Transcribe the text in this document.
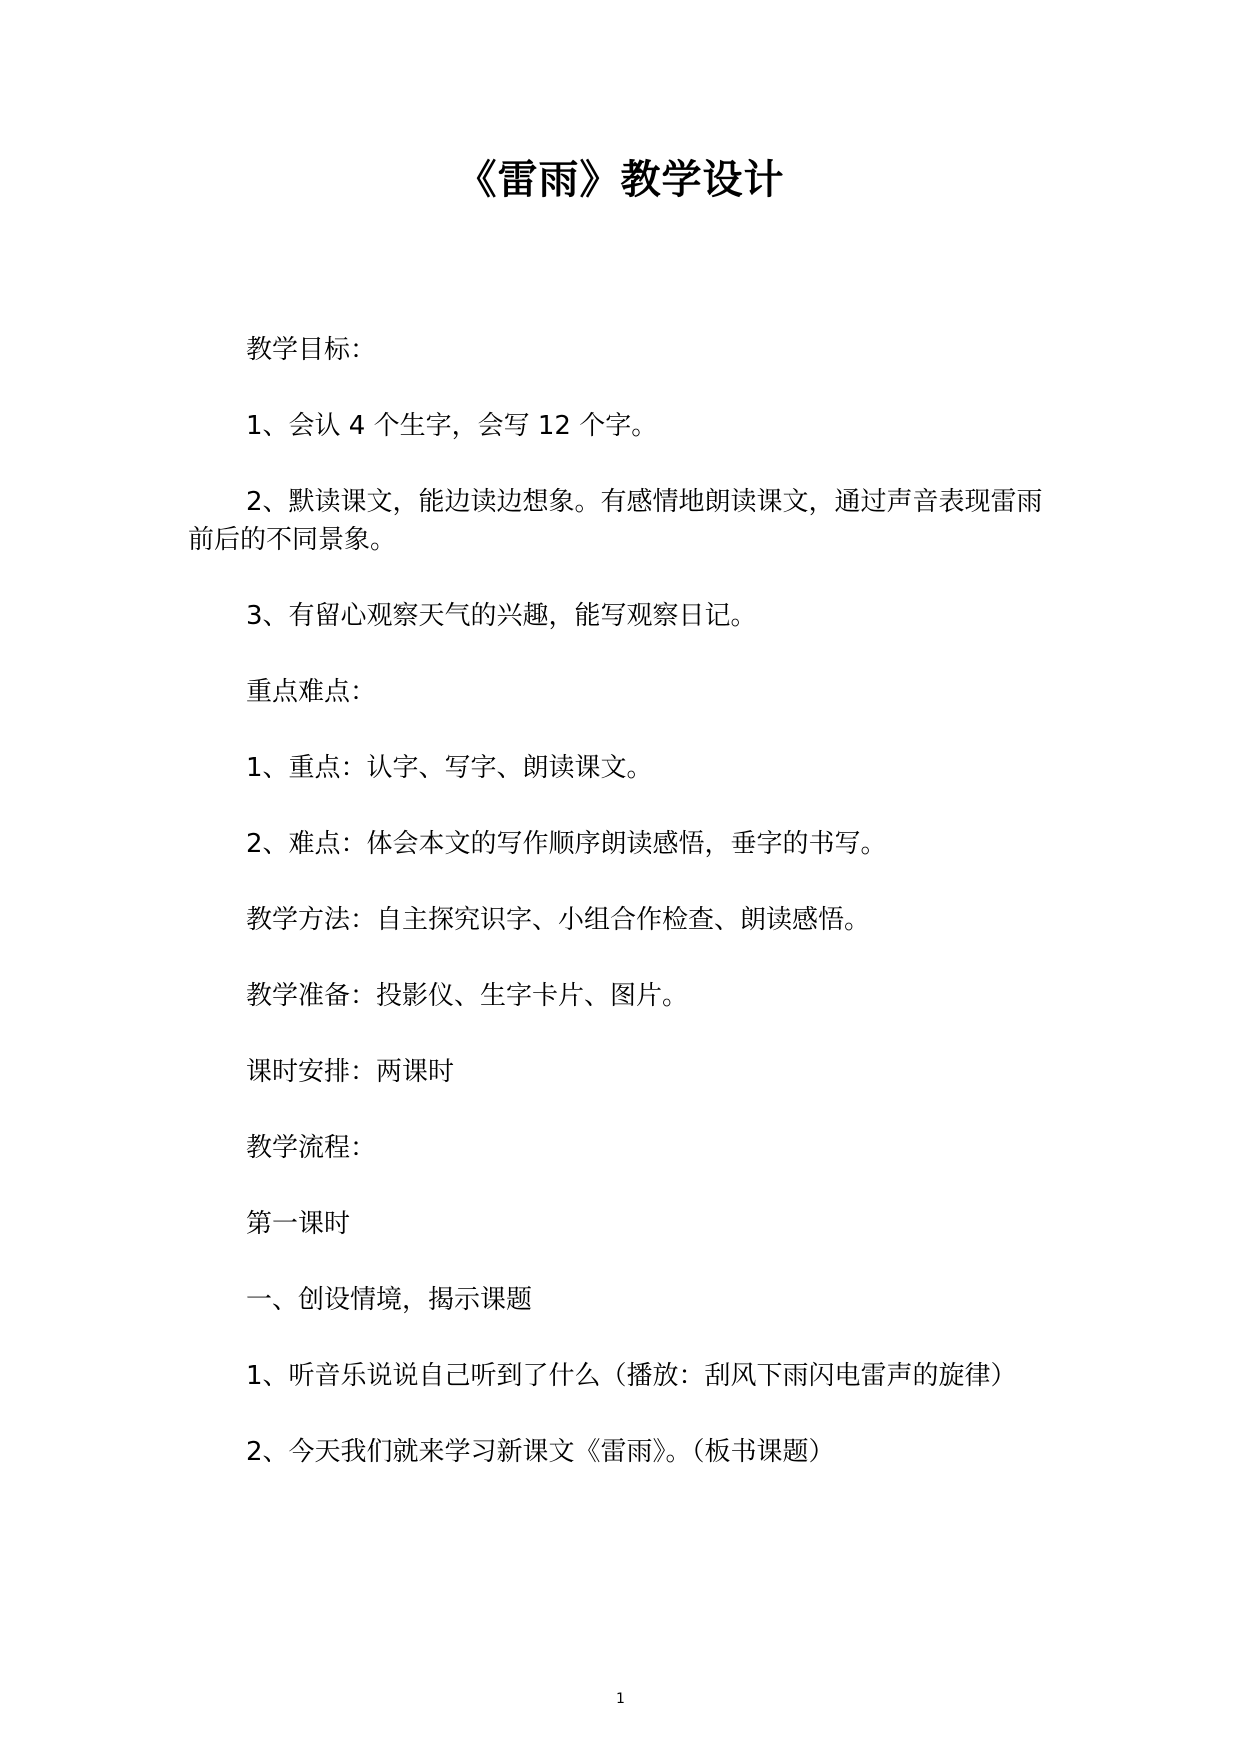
《雷雨》教学设计

教学目标：

1、会认 4 个生字，会写 12 个字。

2、默读课文，能边读边想象。有感情地朗读课文，通过声音表现雷雨前后的不同景象。

3、有留心观察天气的兴趣，能写观察日记。

重点难点：

1、重点：认字、写字、朗读课文。

2、难点：体会本文的写作顺序朗读感悟，垂字的书写。

教学方法：自主探究识字、小组合作检查、朗读感悟。

教学准备：投影仪、生字卡片、图片。

课时安排：两课时

教学流程：

第一课时

一、创设情境，揭示课题

1、听音乐说说自己听到了什么（播放：刮风下雨闪电雷声的旋律）

2、今天我们就来学习新课文《雷雨》。（板书课题）

1
